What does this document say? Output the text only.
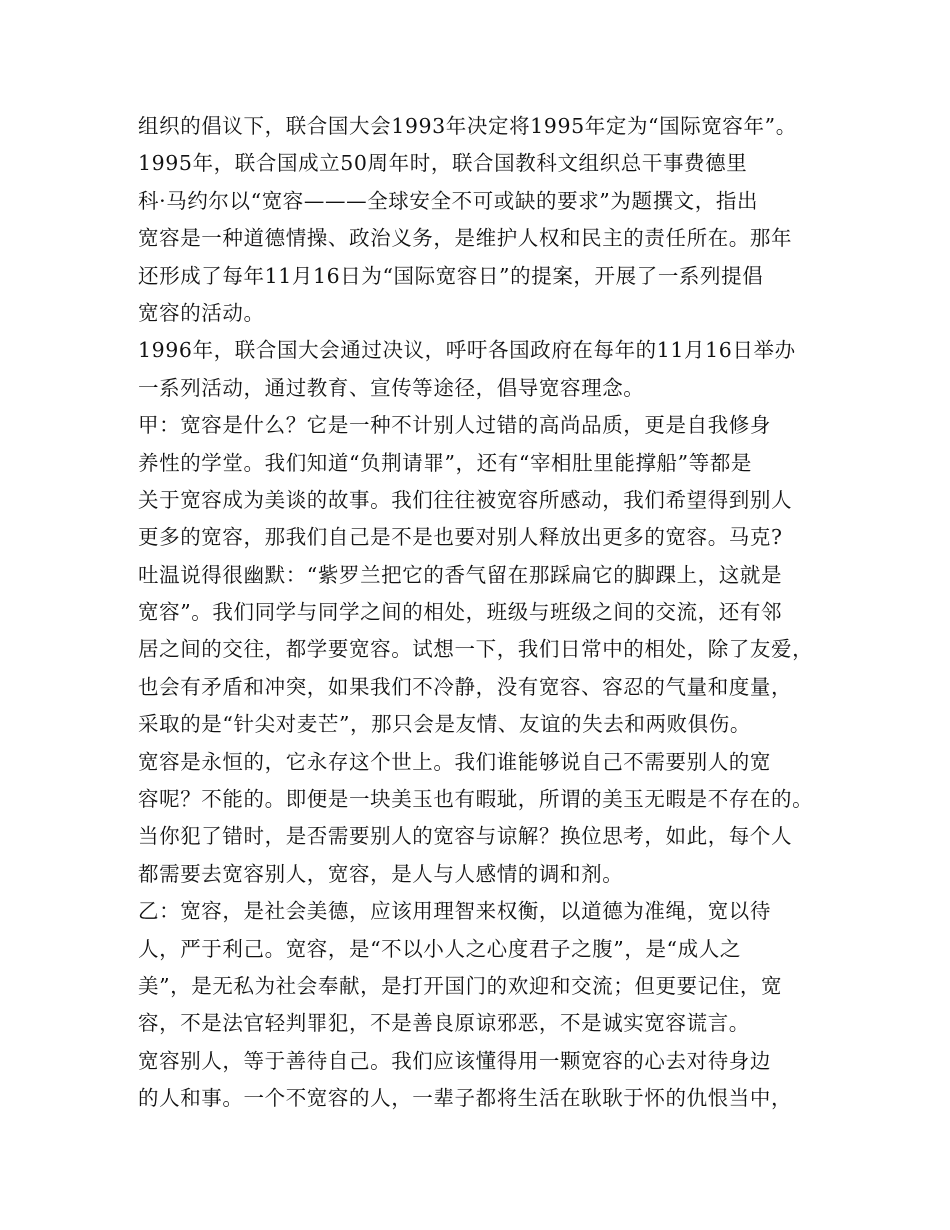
组织的倡议下，联合国大会1993年决定将1995年定为“国际宽容年”。
1995年，联合国成立50周年时，联合国教科文组织总干事费德里
科·马约尔以“宽容———全球安全不可或缺的要求”为题撰文，指出
宽容是一种道德情操、政治义务，是维护人权和民主的责任所在。那年
还形成了每年11月16日为“国际宽容日”的提案，开展了一系列提倡
宽容的活动。
1996年，联合国大会通过决议，呼吁各国政府在每年的11月16日举办
一系列活动，通过教育、宣传等途径，倡导宽容理念。
甲：宽容是什么？它是一种不计别人过错的高尚品质，更是自我修身
养性的学堂。我们知道“负荆请罪”，还有“宰相肚里能撑船”等都是
关于宽容成为美谈的故事。我们往往被宽容所感动，我们希望得到别人
更多的宽容，那我们自己是不是也要对别人释放出更多的宽容。马克?
吐温说得很幽默：“紫罗兰把它的香气留在那踩扁它的脚踝上，这就是
宽容”。我们同学与同学之间的相处，班级与班级之间的交流，还有邻
居之间的交往，都学要宽容。试想一下，我们日常中的相处，除了友爱，
也会有矛盾和冲突，如果我们不冷静，没有宽容、容忍的气量和度量，
采取的是“针尖对麦芒”，那只会是友情、友谊的失去和两败俱伤。
宽容是永恒的，它永存这个世上。我们谁能够说自己不需要别人的宽
容呢？不能的。即便是一块美玉也有暇玼，所谓的美玉无暇是不存在的。
当你犯了错时，是否需要别人的宽容与谅解？换位思考，如此，每个人
都需要去宽容别人，宽容，是人与人感情的调和剂。
乙：宽容，是社会美德，应该用理智来权衡，以道德为准绳，宽以待
人，严于利己。宽容，是“不以小人之心度君子之腹”，是“成人之
美”，是无私为社会奉献，是打开国门的欢迎和交流；但更要记住，宽
容，不是法官轻判罪犯，不是善良原谅邪恶，不是诚实宽容谎言。
宽容别人，等于善待自己。我们应该懂得用一颗宽容的心去对待身边
的人和事。一个不宽容的人，一辈子都将生活在耿耿于怀的仇恨当中，
